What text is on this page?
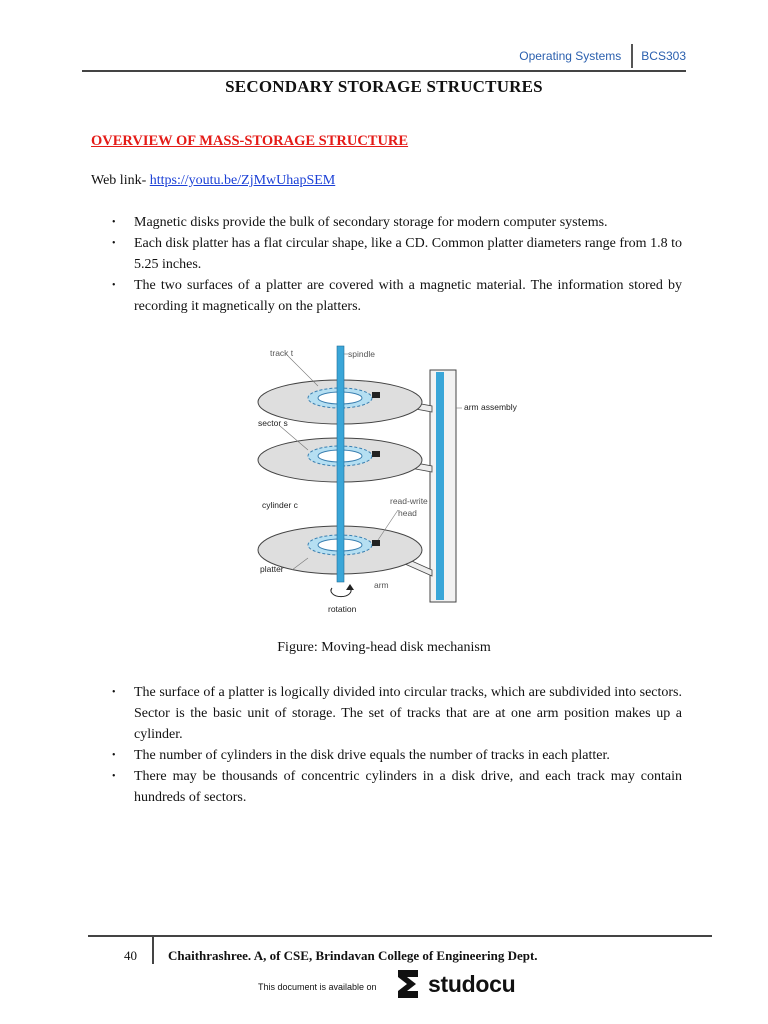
Operating Systems BCS303
SECONDARY STORAGE STRUCTURES
OVERVIEW OF MASS-STORAGE STRUCTURE
Web link- https://youtu.be/ZjMwUhapSEM
• Magnetic disks provide the bulk of secondary storage for modern computer systems.
• Each disk platter has a flat circular shape, like a CD. Common platter diameters range from 1.8 to 5.25 inches.
• The two surfaces of a platter are covered with a magnetic material. The information stored by recording it magnetically on the platters.
track t	spindle
arm assembly
sector s
cylinder c	read-write
head
platter
arm
rotation
Figure: Moving-head disk mechanism
• The surface of a platter is logically divided into circular tracks, which are subdivided into sectors. Sector is the basic unit of storage. The set of tracks that are at one arm position makes up a cylinder.
• The number of cylinders in the disk drive equals the number of tracks in each platter.
• There may be thousands of concentric cylinders in a disk drive, and each track may contain hundreds of sectors.
40 Chaithrashree. A, of CSE, Brindavan College of Engineering Dept.
This document is available on studocu
